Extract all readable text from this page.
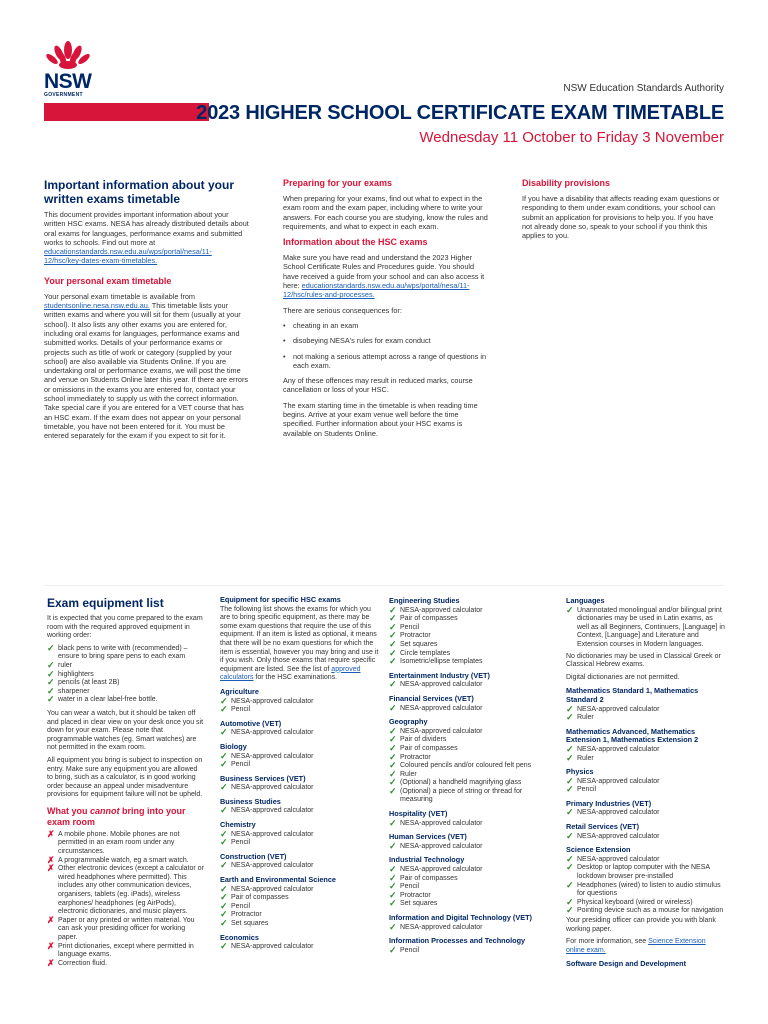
NSW
GOVERNMENT
NSW Education Standards Authority
2023 HIGHER SCHOOL CERTIFICATE EXAM TIMETABLE
Wednesday 11 October to Friday 3 November
Important information about your written exams timetable

This document provides important information about your written HSC exams. NESA has already distributed details about oral exams for languages, performance exams and submitted works to schools. Find out more at educationstandards.nsw.edu.au/wps/portal/nesa/11-12/hsc/key-dates-exam-timetables.

Your personal exam timetable

Your personal exam timetable is available from studentsonline.nesa.nsw.edu.au. This timetable lists your written exams and where you will sit for them (usually at your school). It also lists any other exams you are entered for, including oral exams for languages, performance exams and submitted works. Details of your performance exams or projects such as title of work or category (supplied by your school) are also available via Students Online. If you are undertaking oral or performance exams, we will post the time and venue on Students Online later this year. If there are errors or omissions in the exams you are entered for, contact your school immediately to supply us with the correct information. Take special care if you are entered for a VET course that has an HSC exam. If the exam does not appear on your personal timetable, you have not been entered for it. You must be entered separately for the exam if you expect to sit for it.

Preparing for your exams

When preparing for your exams, find out what to expect in the exam room and the exam paper, including where to write your answers. For each course you are studying, know the rules and requirements, and what to expect in each exam.

Information about the HSC exams

Make sure you have read and understand the 2023 Higher School Certificate Rules and Procedures guide. You should have received a guide from your school and can also access it here: educationstandards.nsw.edu.au/wps/portal/nesa/11-12/hsc/rules-and-processes.

There are serious consequences for:

• cheating in an exam
• disobeying NESA's rules for exam conduct
• not making a serious attempt across a range of questions in each exam.

Any of these offences may result in reduced marks, course cancellation or loss of your HSC.

The exam starting time in the timetable is when reading time begins. Arrive at your exam venue well before the time specified. Further information about your HSC exams is available on Students Online.

Disability provisions

If you have a disability that affects reading exam questions or responding to them under exam conditions, your school can submit an application for provisions to help you. If you have not already done so, speak to your school if you think this applies to you.

Exam equipment list

It is expected that you come prepared to the exam room with the required approved equipment in working order:

✓ black pens to write with (recommended) – ensure to bring spare pens to each exam
✓ ruler
✓ highlighters
✓ pencils (at least 2B)
✓ sharpener
✓ water in a clear label-free bottle.

You can wear a watch, but it should be taken off and placed in clear view on your desk once you sit down for your exam. Please note that programmable watches (eg. Smart watches) are not permitted in the exam room.

All equipment you bring is subject to inspection on entry. Make sure any equipment you are allowed to bring, such as a calculator, is in good working order because an appeal under misadventure provisions for equipment failure will not be upheld.

What you cannot bring into your exam room
✗ A mobile phone. Mobile phones are not permitted in an exam room under any circumstances.
✗ A programmable watch, eg a smart watch.
✗ Other electronic devices (except a calculator or wired headphones where permitted). This includes any other communication devices, organisers, tablets (eg. iPads), wireless earphones/ headphones (eg AirPods), electronic dictionaries, and music players.
✗ Paper or any printed or written material. You can ask your presiding officer for working paper.
✗ Print dictionaries, except where permitted in language exams.
✗ Correction fluid.
Equipment for specific HSC exams

The following list shows the exams for which you are to bring specific equipment, as there may be some exam questions that require the use of this equipment. If an item is listed as optional, it means that there will be no exam questions for which the item is essential, however you may bring and use it if you wish. Only those exams that require specific equipment are listed. See the list of approved calculators for the HSC examinations.

Agriculture
✓ NESA-approved calculator
✓ Pencil
Automotive (VET)
✓ NESA-approved calculator
Biology
✓ NESA-approved calculator
✓ Pencil
Business Services (VET)
✓ NESA-approved calculator
Business Studies
✓ NESA-approved calculator
Chemistry
✓ NESA-approved calculator
✓ Pencil
Construction (VET)
✓ NESA-approved calculator
Earth and Environmental Science
✓ NESA-approved calculator
✓ Pair of compasses
✓ Pencil
✓ Protractor
✓ Set squares
Economics
✓ NESA-approved calculator
Engineering Studies
✓ NESA-approved calculator
✓ Pair of compasses
✓ Pencil
✓ Protractor
✓ Set squares
✓ Circle templates
✓ Isometric/ellipse templates
Entertainment Industry (VET)
✓ NESA-approved calculator
Financial Services (VET)
✓ NESA-approved calculator
Geography
✓ NESA-approved calculator
✓ Pair of dividers
✓ Pair of compasses
✓ Protractor
✓ Coloured pencils and/or coloured felt pens
✓ Ruler
✓ (Optional) a handheld magnifying glass
✓ (Optional) a piece of string or thread for measuring
Hospitality (VET)
✓ NESA-approved calculator
Human Services (VET)
✓ NESA-approved calculator
Industrial Technology
✓ NESA-approved calculator
✓ Pair of compasses
✓ Pencil
✓ Protractor
✓ Set squares
Information and Digital Technology (VET)
✓ NESA-approved calculator
Information Processes and Technology
✓ Pencil
Languages
✓ Unannotated monolingual and/or bilingual print dictionaries may be used in Latin exams, as well as all Beginners, Continuers, [Language] in Context, [Language] and Literature and Extension courses in Modern languages.

No dictionaries may be used in Classical Greek or Classical Hebrew exams.

Digital dictionaries are not permitted.

Mathematics Standard 1, Mathematics Standard 2
✓ NESA-approved calculator
✓ Ruler
Mathematics Advanced, Mathematics Extension 1, Mathematics Extension 2
✓ NESA-approved calculator
✓ Ruler
Physics
✓ NESA-approved calculator
✓ Pencil
Primary Industries (VET)
✓ NESA-approved calculator
Retail Services (VET)
✓ NESA-approved calculator
Science Extension
✓ NESA-approved calculator
✓ Desktop or laptop computer with the NESA lockdown browser pre-installed
✓ Headphones (wired) to listen to audio stimulus for questions
✓ Physical keyboard (wired or wireless)
✓ Pointing device such as a mouse for navigation

Your presiding officer can provide you with blank working paper.

For more information, see Science Extension online exam.

Software Design and Development
